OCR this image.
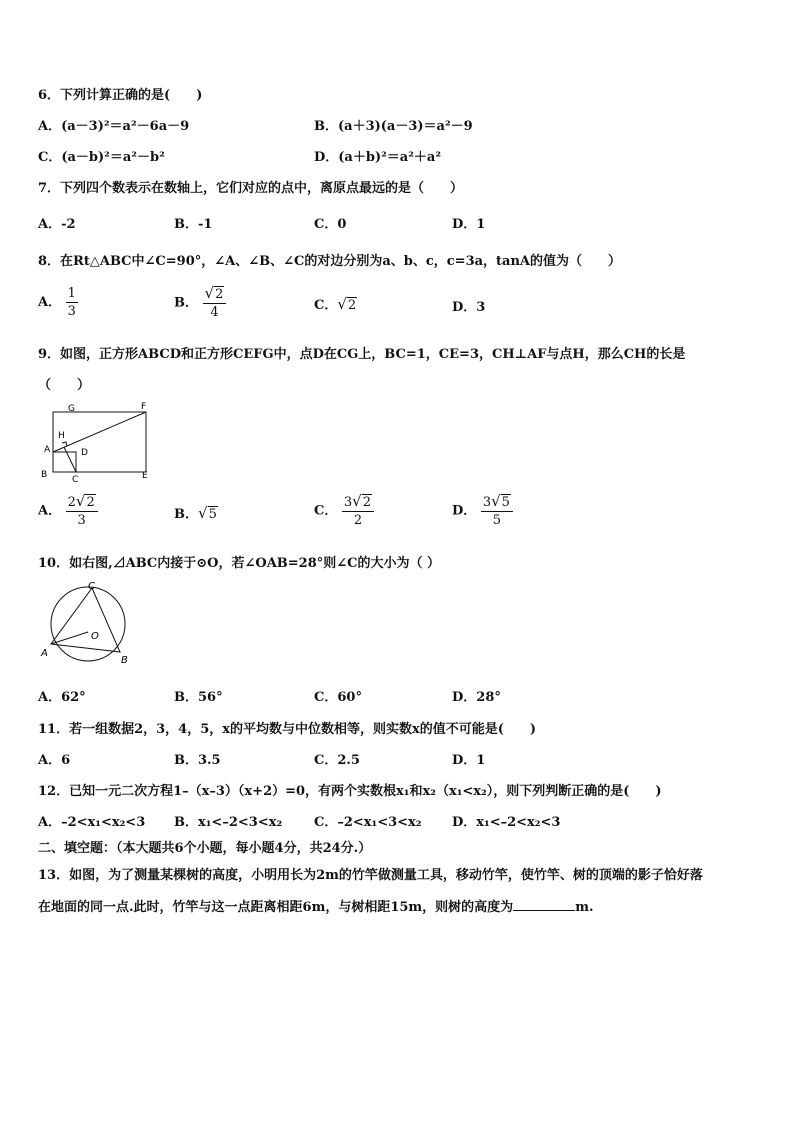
6．下列计算正确的是(　　)
A．(a－3)²＝a²－6a－9	B．(a＋3)(a－3)＝a²－9
C．(a－b)²＝a²－b²	D．(a＋b)²＝a²＋a²
7．下列四个数表示在数轴上，它们对应的点中，离原点最远的是（　　）
A．-2	B．-1	C．0	D．1
8．在Rt△ABC中∠C=90°，∠A、∠B、∠C的对边分别为a、b、c，c=3a，tanA的值为（　　）
A． $\frac{1}{3}$	B． $\frac{√2}{4}$	C．√2	D．3
9．如图，正方形ABCD和正方形CEFG中，点D在CG上，BC=1，CE=3，CH⊥AF与点H，那么CH的长是
（　　）
G	F
H
A	D
B	C	E
A． $\frac{2√2}{3}$	B．√5	C． $\frac{3√2}{2}$	D． $\frac{3√5}{5}$
10．如右图,⊿ABC内接于⊙O，若∠OAB=28°则∠C的大小为（ ）
C
O
A
B
A．62°	B．56°	C．60°	D．28°
11．若一组数据2，3，4，5，x的平均数与中位数相等，则实数x的值不可能是(　　)
A．6	B．3.5	C．2.5	D．1
12．已知一元二次方程1–（x–3）（x+2）=0，有两个实数根x₁和x₂（x₁<x₂），则下列判断正确的是(　　)
A．–2<x₁<x₂<3 B．x₁<–2<3<x₂ C．–2<x₁<3<x₂ D．x₁<–2<x₂<3
二、填空题：（本大题共6个小题，每小题4分，共24分.）
13．如图，为了测量某棵树的高度，小明用长为2m的竹竿做测量工具，移动竹竿，使竹竿、树的顶端的影子恰好落
在地面的同一点.此时，竹竿与这一点距离相距6m，与树相距15m，则树的高度为	m.
